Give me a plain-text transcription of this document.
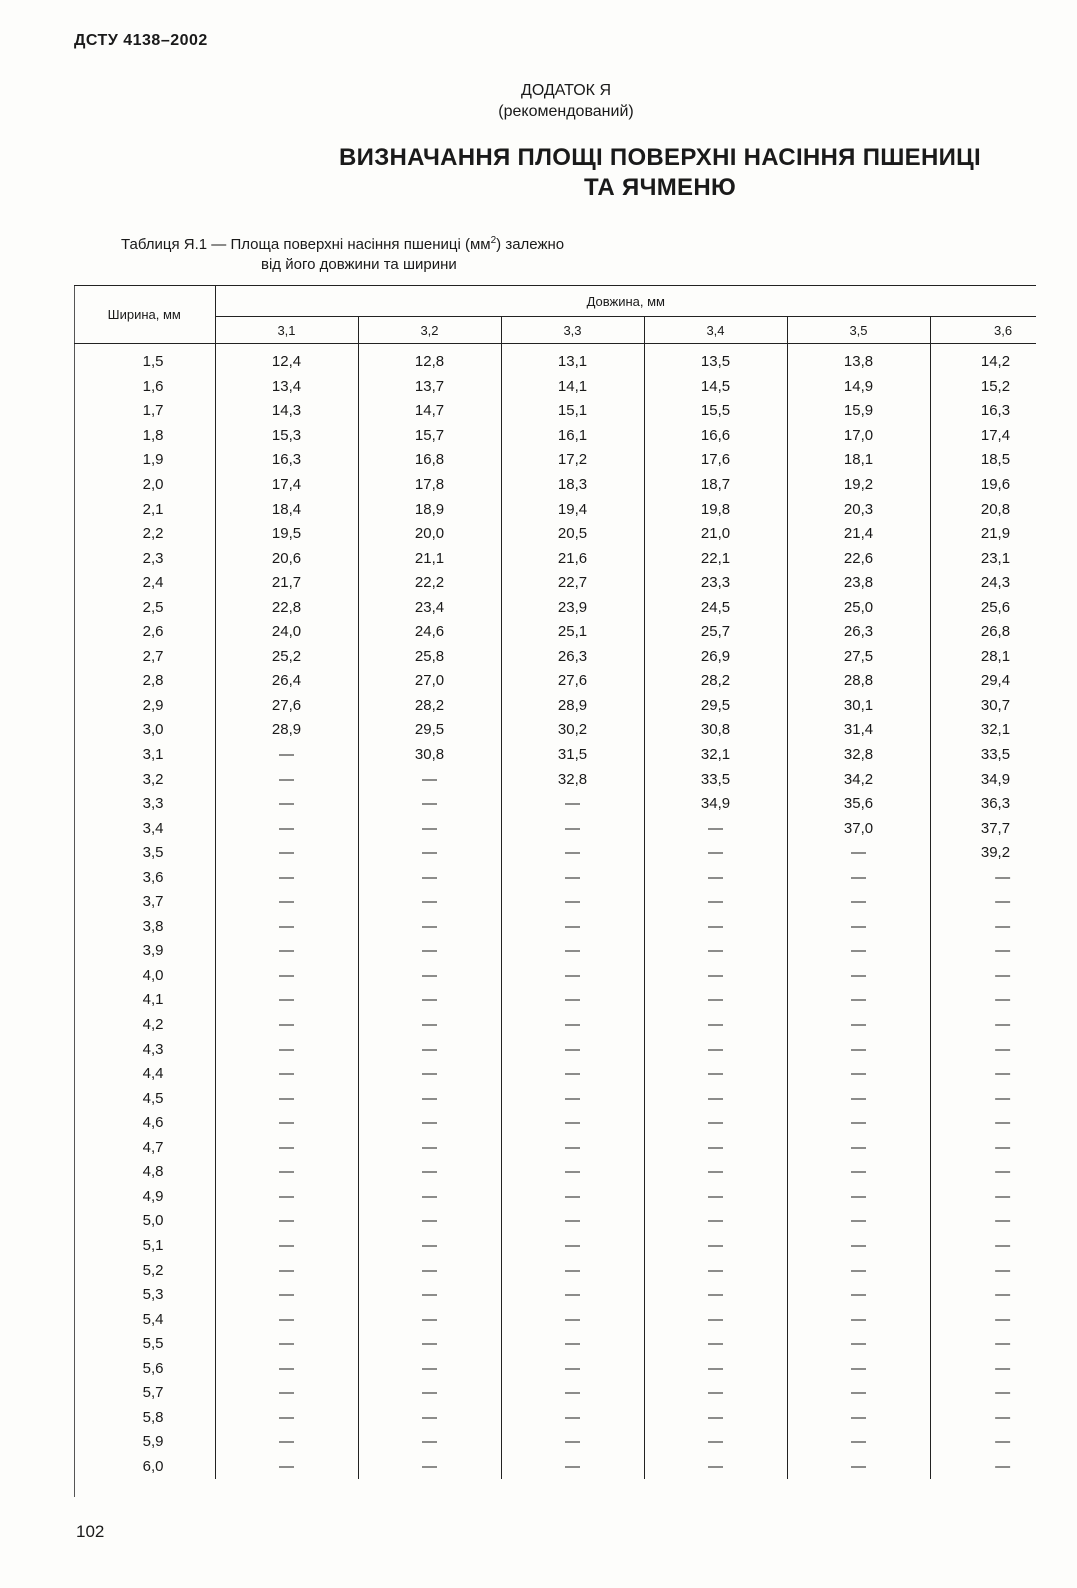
ДСТУ 4138–2002
ДОДАТОК Я
(рекомендований)
ВИЗНАЧАННЯ ПЛОЩІ ПОВЕРХНІ НАСІННЯ ПШЕНИЦІ
ТА ЯЧМЕНЮ
Таблиця Я.1 — Площа поверхні насіння пшениці $(мм^2)$ залежно
від його довжини та ширини
Ширина, мм	Довжина, мм					
	3,1	3,2	3,3	3,4	3,5	3,6
1,5	12,4	12,8	13,1	13,5	13,8	14,2
1,6	13,4	13,7	14,1	14,5	14,9	15,2
1,7	14,3	14,7	15,1	15,5	15,9	16,3
1,8	15,3	15,7	16,1	16,6	17,0	17,4
1,9	16,3	16,8	17,2	17,6	18,1	18,5
2,0	17,4	17,8	18,3	18,7	19,2	19,6
2,1	18,4	18,9	19,4	19,8	20,3	20,8
2,2	19,5	20,0	20,5	21,0	21,4	21,9
2,3	20,6	21,1	21,6	22,1	22,6	23,1
2,4	21,7	22,2	22,7	23,3	23,8	24,3
2,5	22,8	23,4	23,9	24,5	25,0	25,6
2,6	24,0	24,6	25,1	25,7	26,3	26,8
2,7	25,2	25,8	26,3	26,9	27,5	28,1
2,8	26,4	27,0	27,6	28,2	28,8	29,4
2,9	27,6	28,2	28,9	29,5	30,1	30,7
3,0	28,9	29,5	30,2	30,8	31,4	32,1
3,1	—	30,8	31,5	32,1	32,8	33,5
3,2	—	—	32,8	33,5	34,2	34,9
3,3	—	—	—	34,9	35,6	36,3
3,4	—	—	—	—	37,0	37,7
3,5	—	—	—	—	—	39,2
3,6	—	—	—	—	—	—
3,7	—	—	—	—	—	—
3,8	—	—	—	—	—	—
3,9	—	—	—	—	—	—
4,0	—	—	—	—	—	—
4,1	—	—	—	—	—	—
4,2	—	—	—	—	—	—
4,3	—	—	—	—	—	—
4,4	—	—	—	—	—	—
4,5	—	—	—	—	—	—
4,6	—	—	—	—	—	—
4,7	—	—	—	—	—	—
4,8	—	—	—	—	—	—
4,9	—	—	—	—	—	—
5,0	—	—	—	—	—	—
5,1	—	—	—	—	—	—
5,2	—	—	—	—	—	—
5,3	—	—	—	—	—	—
5,4	—	—	—	—	—	—
5,5	—	—	—	—	—	—
5,6	—	—	—	—	—	—
5,7	—	—	—	—	—	—
5,8	—	—	—	—	—	—
5,9	—	—	—	—	—	—
6,0	—	—	—	—	—	—
102
